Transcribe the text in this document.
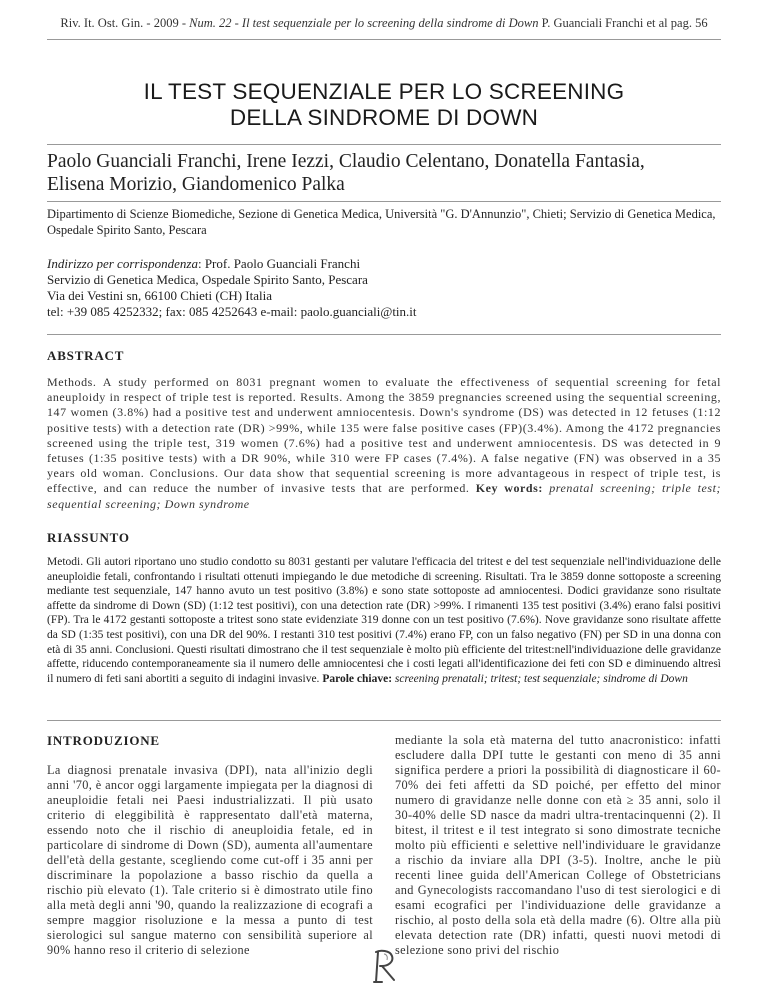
Riv. It. Ost. Gin. - 2009 - Num. 22 - Il test sequenziale per lo screening della sindrome di Down P. Guanciali Franchi et al pag. 56
IL TEST SEQUENZIALE PER LO SCREENING
DELLA SINDROME DI DOWN
Paolo Guanciali Franchi, Irene Iezzi, Claudio Celentano, Donatella Fantasia,
Elisena Morizio, Giandomenico Palka
Dipartimento di Scienze Biomediche, Sezione di Genetica Medica, Università "G. D'Annunzio", Chieti; Servizio di Genetica Medica, Ospedale Spirito Santo, Pescara
Indirizzo per corrispondenza: Prof. Paolo Guanciali Franchi
Servizio di Genetica Medica, Ospedale Spirito Santo, Pescara
Via dei Vestini sn, 66100 Chieti (CH) Italia
tel: +39 085 4252332; fax: 085 4252643 e-mail: paolo.guanciali@tin.it
ABSTRACT
Methods. A study performed on 8031 pregnant women to evaluate the effectiveness of sequential screening for fetal aneuploidy in respect of triple test is reported. Results. Among the 3859 pregnancies screened using the sequential screening, 147 women (3.8%) had a positive test and underwent amniocentesis. Down's syndrome (DS) was detected in 12 fetuses (1:12 positive tests) with a detection rate (DR) >99%, while 135 were false positive cases (FP)(3.4%). Among the 4172 pregnancies screened using the triple test, 319 women (7.6%) had a positive test and underwent amniocentesis. DS was detected in 9 fetuses (1:35 positive tests) with a DR 90%, while 310 were FP cases (7.4%). A false negative (FN) was observed in a 35 years old woman. Conclusions. Our data show that sequential screening is more advantageous in respect of triple test, is effective, and can reduce the number of invasive tests that are performed. Key words: prenatal screening; triple test; sequential screening; Down syndrome
RIASSUNTO
Metodi. Gli autori riportano uno studio condotto su 8031 gestanti per valutare l'efficacia del tritest e del test sequenziale nell'individuazione delle aneuploidie fetali, confrontando i risultati ottenuti impiegando le due metodiche di screening. Risultati. Tra le 3859 donne sottoposte a screening mediante test sequenziale, 147 hanno avuto un test positivo (3.8%) e sono state sottoposte ad amniocentesi. Dodici gravidanze sono risultate affette da sindrome di Down (SD) (1:12 test positivi), con una detection rate (DR) >99%. I rimanenti 135 test positivi (3.4%) erano falsi positivi (FP). Tra le 4172 gestanti sottoposte a tritest sono state evidenziate 319 donne con un test positivo (7.6%). Nove gravidanze sono risultate affette da SD (1:35 test positivi), con una DR del 90%. I restanti 310 test positivi (7.4%) erano FP, con un falso negativo (FN) per SD in una donna con età di 35 anni. Conclusioni. Questi risultati dimostrano che il test sequenziale è molto più efficiente del tritest:nell'individuazione delle gravidanze affette, riducendo contemporaneamente sia il numero delle amniocentesi che i costi legati all'identificazione dei feti con SD e diminuendo altresì il numero di feti sani abortiti a seguito di indagini invasive. Parole chiave: screening prenatali; tritest; test sequenziale; sindrome di Down
INTRODUZIONE
La diagnosi prenatale invasiva (DPI), nata all'inizio degli anni '70, è ancor oggi largamente impiegata per la diagnosi di aneuploidie fetali nei Paesi industrializzati. Il più usato criterio di eleggibilità è rappresentato dall'età materna, essendo noto che il rischio di aneuploidia fetale, ed in particolare di sindrome di Down (SD), aumenta all'aumentare dell'età della gestante, scegliendo come cut-off i 35 anni per discriminare la popolazione a basso rischio da quella a rischio più elevato (1). Tale criterio si è dimostrato utile fino alla metà degli anni '90, quando la realizzazione di ecografi a sempre maggior risoluzione e la messa a punto di test sierologici sul sangue materno con sensibilità superiore al 90% hanno reso il criterio di selezione
mediante la sola età materna del tutto anacronistico: infatti escludere dalla DPI tutte le gestanti con meno di 35 anni significa perdere a priori la possibilità di diagnosticare il 60-70% dei feti affetti da SD poiché, per effetto del minor numero di gravidanze nelle donne con età ≥ 35 anni, solo il 30-40% delle SD nasce da madri ultra-trentacinquenni (2). Il bitest, il tritest e il test integrato si sono dimostrate tecniche molto più efficienti e selettive nell'individuare le gravidanze a rischio da inviare alla DPI (3-5). Inoltre, anche le più recenti linee guida dell'American College of Obstetricians and Gynecologists raccomandano l'uso di test sierologici e di esami ecografici per l'individuazione delle gravidanze a rischio, al posto della sola età della madre (6). Oltre alla più elevata detection rate (DR) infatti, questi nuovi metodi di selezione sono privi del rischio
